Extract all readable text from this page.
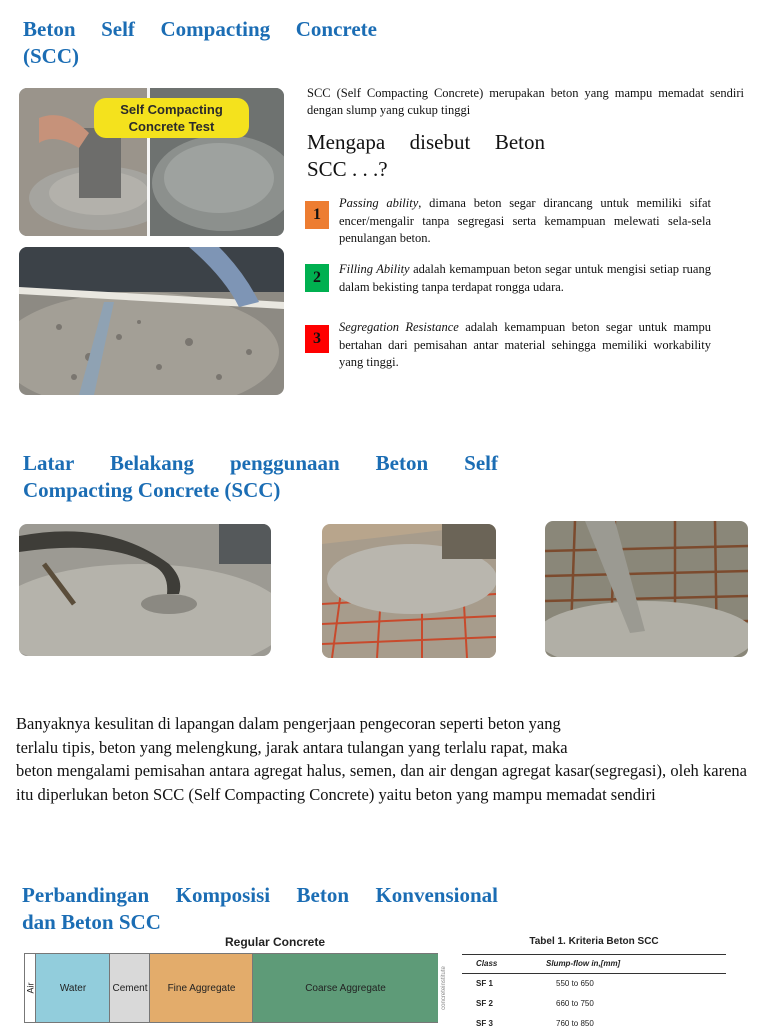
Beton Self Compacting Concrete
(SCC)
Self Compacting
Concrete Test
SCC (Self Compacting Concrete) merupakan beton yang mampu memadat sendiri dengan slump yang cukup tinggi
Mengapa disebut Beton
SCC . . .?
1
Passing ability, dimana beton segar dirancang untuk memiliki sifat encer/mengalir tanpa segregasi serta kemampuan melewati sela-sela penulangan beton.
2 Filling Ability adalah kemampuan beton segar untuk mengisi setiap ruang dalam bekisting tanpa terdapat rongga udara.
3
Segregation Resistance adalah kemampuan beton segar untuk mampu bertahan dari pemisahan antar material sehingga memiliki workability yang tinggi.
Latar Belakang penggunaan Beton Self
Compacting Concrete (SCC)
Banyaknya kesulitan di lapangan dalam pengerjaan pengecoran seperti beton yang
terlalu tipis, beton yang melengkung, jarak antara tulangan yang terlalu rapat, maka
beton mengalami pemisahan antara agregat halus, semen, dan air dengan agregat kasar(segregasi), oleh karena itu diperlukan beton SCC (Self Compacting Concrete) yaitu beton yang mampu memadat sendiri
Perbandingan Komposisi Beton Konvensional
dan Beton SCC
Regular Concrete
Air Water	Cement Fine Aggregate	Coarse Aggregate	concreteinstitute
Tabel 1. Kriteria Beton SCC
Class	Slump-flow in,[mm]
SF 1	550 to 650
SF 2	660 to 750
SF 3	760 to 850
